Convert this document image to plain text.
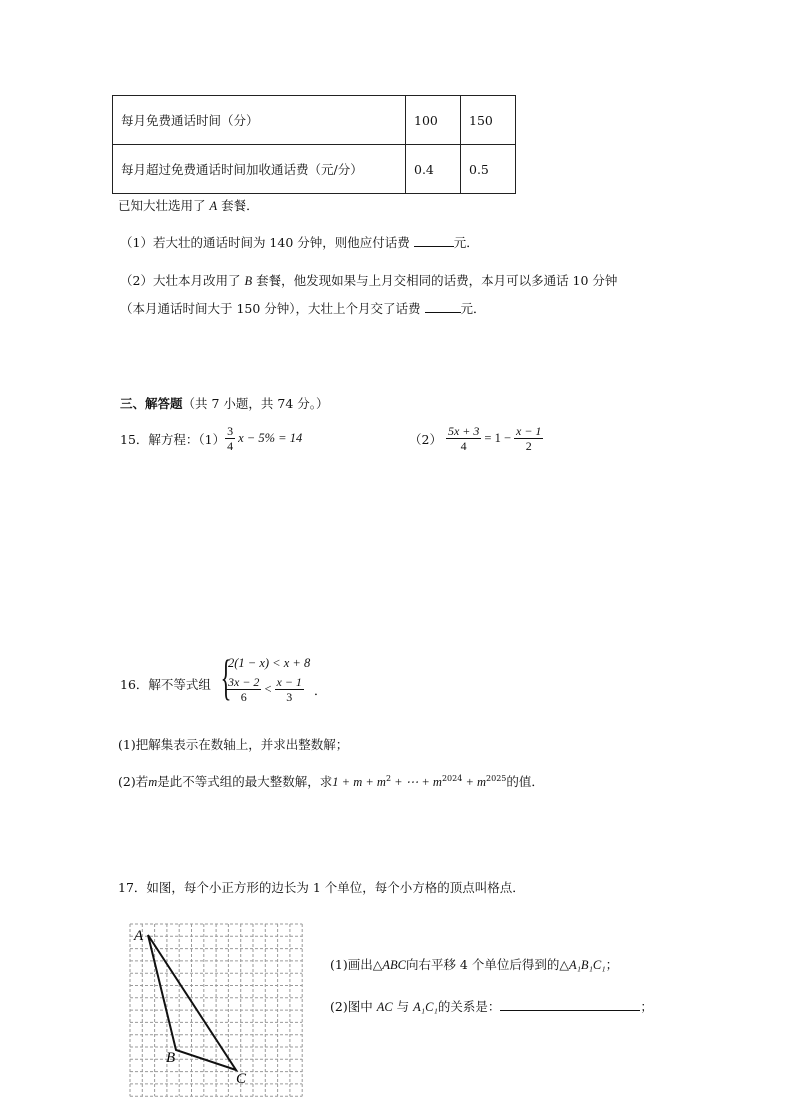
每月免费通话时间（分）	100	150
每月超过免费通话时间加收通话费（元/分）	0.4	0.5
已知大壮选用了 A 套餐．
（1）若大壮的通话时间为 140 分钟，则他应付话费	元．
（2）大壮本月改用了 B 套餐，他发现如果与上月交相同的话费，本月可以多通话 10 分钟
（本月通话时间大于 150 分钟），大壮上个月交了话费	元．
三、解答题（共 7 小题，共 74 分。）
15．解方程：$(1) \frac{3}{4}$ x − 5% = 14	$(2) \frac{5x + 3}{4} = 1 - \frac{x - 1}{2}$
16．解不等式组 {
2(1 − x) < x + 8
$\frac{3x - 2}{6} < \frac{x - 1}{3}$ ．
(1)把解集表示在数轴上，并求出整数解；
(2)若m是此不等式组的最大整数解，求$1 + m + m^2$ + ⋯ + $m^{2024} + m^{2025}$的值．
17．如图，每个小正方形的边长为 1 个单位，每个小方格的顶点叫格点．
A
B
C
(1)画出△ABC向右平移 4 个单位后得到的△A₁B₁C₁；
(2)图中 AC 与 A₁C₁的关系是：	；
